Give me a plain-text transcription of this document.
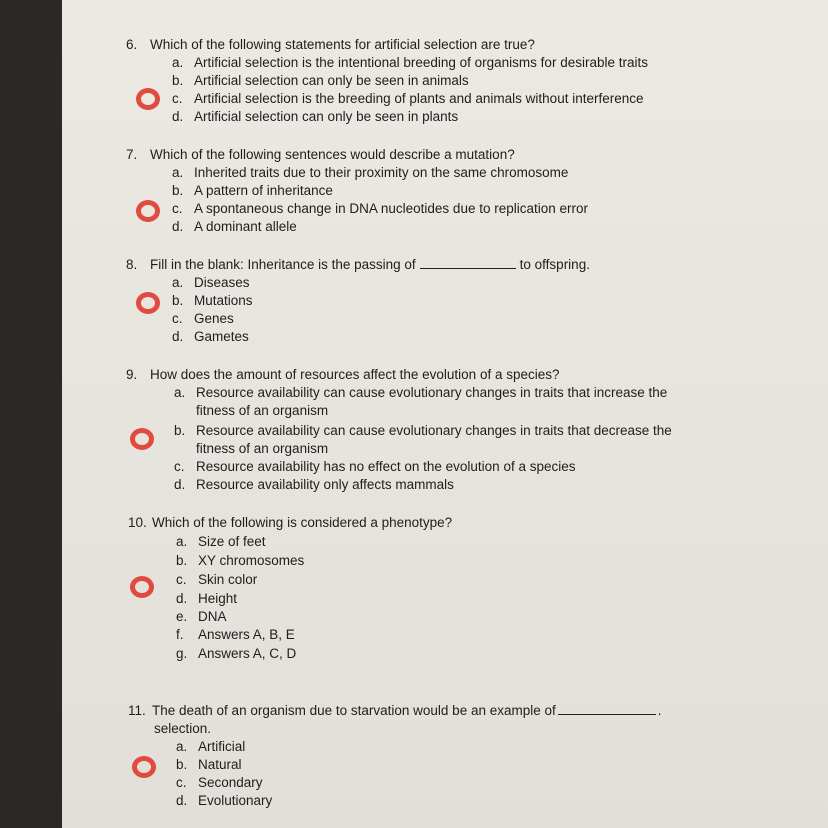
6. Which of the following statements for artificial selection are true?
a. Artificial selection is the intentional breeding of organisms for desirable traits
b. Artificial selection can only be seen in animals
c. Artificial selection is the breeding of plants and animals without interference
d. Artificial selection can only be seen in plants
7. Which of the following sentences would describe a mutation?
a. Inherited traits due to their proximity on the same chromosome
b. A pattern of inheritance
c. A spontaneous change in DNA nucleotides due to replication error
d. A dominant allele
8. Fill in the blank: Inheritance is the passing of	to offspring.
a. Diseases
b. Mutations
c. Genes
d. Gametes
9. How does the amount of resources affect the evolution of a species?
a. Resource availability can cause evolutionary changes in traits that increase the
fitness of an organism
b. Resource availability can cause evolutionary changes in traits that decrease the
fitness of an organism
c. Resource availability has no effect on the evolution of a species
d. Resource availability only affects mammals
10. Which of the following is considered a phenotype?
a. Size of feet
b. XY chromosomes
c. Skin color
d. Height
e. DNA
f. Answers A, B, E
g. Answers A, C, D
11. The death of an organism due to starvation would be an example of	.
selection.
a. Artificial
b. Natural
c. Secondary
d. Evolutionary
